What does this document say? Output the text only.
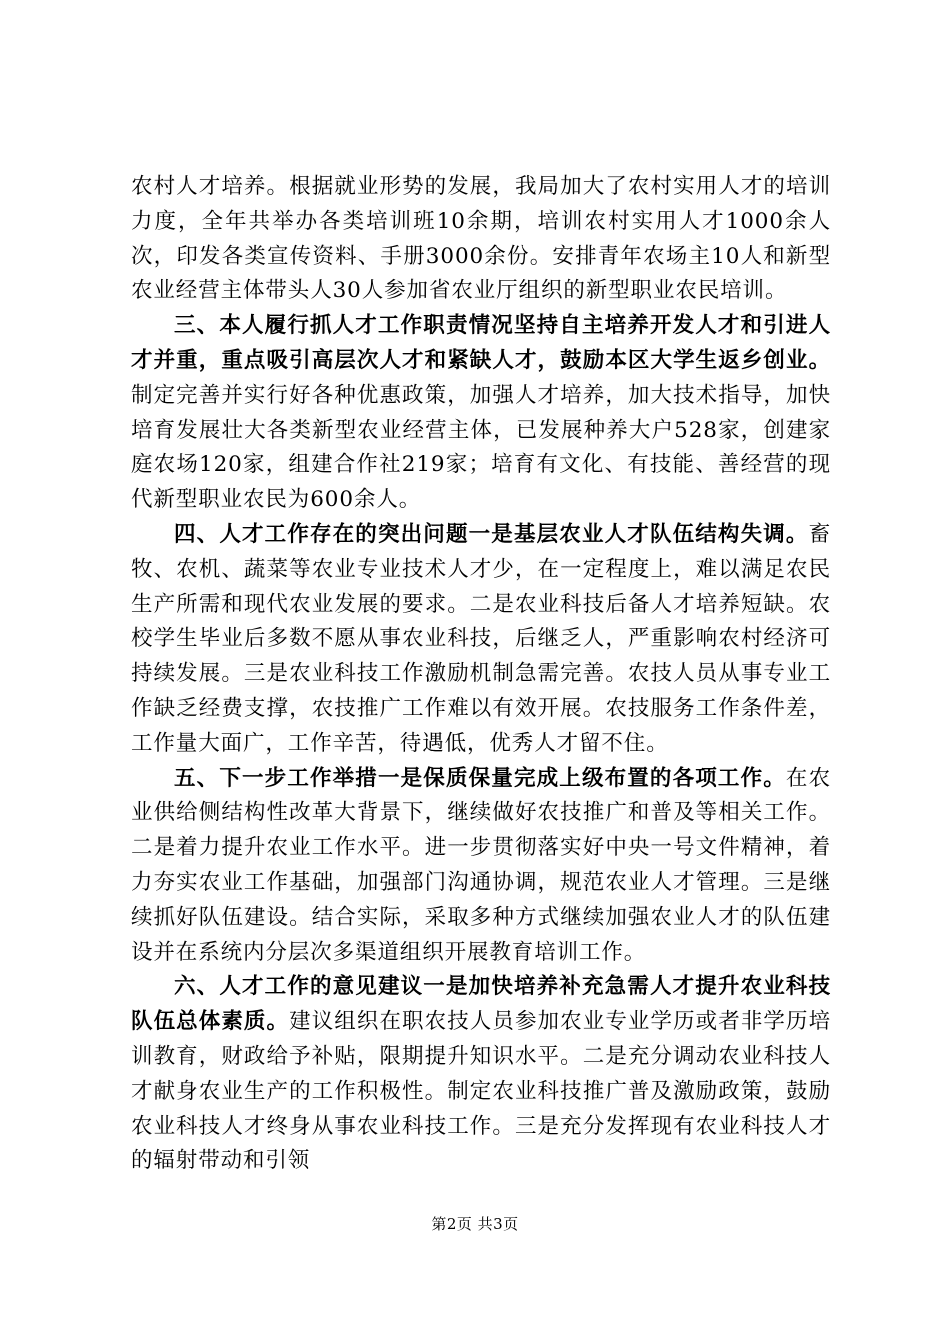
农村人才培养。根据就业形势的发展，我局加大了农村实用人才的培训力度，全年共举办各类培训班10余期，培训农村实用人才1000余人次，印发各类宣传资料、手册3000余份。安排青年农场主10人和新型农业经营主体带头人30人参加省农业厅组织的新型职业农民培训。

三、本人履行抓人才工作职责情况坚持自主培养开发人才和引进人才并重，重点吸引高层次人才和紧缺人才，鼓励本区大学生返乡创业。制定完善并实行好各种优惠政策，加强人才培养，加大技术指导，加快培育发展壮大各类新型农业经营主体，已发展种养大户528家，创建家庭农场120家，组建合作社219家；培育有文化、有技能、善经营的现代新型职业农民为600余人。

四、人才工作存在的突出问题一是基层农业人才队伍结构失调。畜牧、农机、蔬菜等农业专业技术人才少，在一定程度上，难以满足农民生产所需和现代农业发展的要求。二是农业科技后备人才培养短缺。农校学生毕业后多数不愿从事农业科技，后继乏人，严重影响农村经济可持续发展。三是农业科技工作激励机制急需完善。农技人员从事专业工作缺乏经费支撑，农技推广工作难以有效开展。农技服务工作条件差，工作量大面广，工作辛苦，待遇低，优秀人才留不住。

五、下一步工作举措一是保质保量完成上级布置的各项工作。在农业供给侧结构性改革大背景下，继续做好农技推广和普及等相关工作。二是着力提升农业工作水平。进一步贯彻落实好中央一号文件精神，着力夯实农业工作基础，加强部门沟通协调，规范农业人才管理。三是继续抓好队伍建设。结合实际，采取多种方式继续加强农业人才的队伍建设并在系统内分层次多渠道组织开展教育培训工作。

六、人才工作的意见建议一是加快培养补充急需人才提升农业科技队伍总体素质。建议组织在职农技人员参加农业专业学历或者非学历培训教育，财政给予补贴，限期提升知识水平。二是充分调动农业科技人才献身农业生产的工作积极性。制定农业科技推广普及激励政策，鼓励农业科技人才终身从事农业科技工作。三是充分发挥现有农业科技人才的辐射带动和引领

第2页 共3页
